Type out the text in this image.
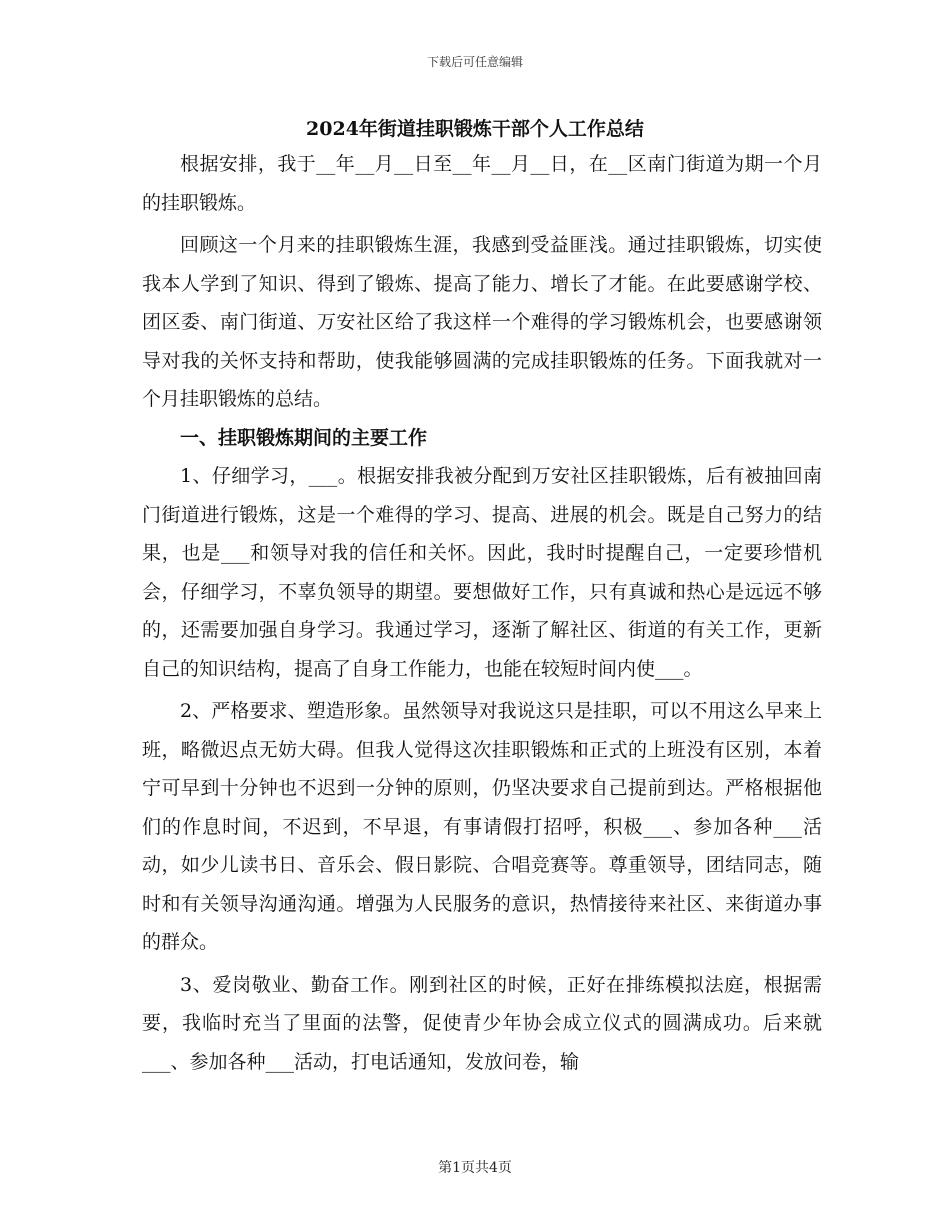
下载后可任意编辑
2024年街道挂职锻炼干部个人工作总结

根据安排，我于__年__月__日至__年__月__日，在__区南门街道为期一个月的挂职锻炼。

回顾这一个月来的挂职锻炼生涯，我感到受益匪浅。通过挂职锻炼，切实使我本人学到了知识、得到了锻炼、提高了能力、增长了才能。在此要感谢学校、团区委、南门街道、万安社区给了我这样一个难得的学习锻炼机会，也要感谢领导对我的关怀支持和帮助，使我能够圆满的完成挂职锻炼的任务。下面我就对一个月挂职锻炼的总结。

一、挂职锻炼期间的主要工作

1、仔细学习，___。根据安排我被分配到万安社区挂职锻炼，后有被抽回南门街道进行锻炼，这是一个难得的学习、提高、进展的机会。既是自己努力的结果，也是___和领导对我的信任和关怀。因此，我时时提醒自己，一定要珍惜机会，仔细学习，不辜负领导的期望。要想做好工作，只有真诚和热心是远远不够的，还需要加强自身学习。我通过学习，逐渐了解社区、街道的有关工作，更新自己的知识结构，提高了自身工作能力，也能在较短时间内使___。

2、严格要求、塑造形象。虽然领导对我说这只是挂职，可以不用这么早来上班，略微迟点无妨大碍。但我人觉得这次挂职锻炼和正式的上班没有区别，本着宁可早到十分钟也不迟到一分钟的原则，仍坚决要求自己提前到达。严格根据他们的作息时间，不迟到，不早退，有事请假打招呼，积极___、参加各种___活动，如少儿读书日、音乐会、假日影院、合唱竞赛等。尊重领导，团结同志，随时和有关领导沟通沟通。增强为人民服务的意识，热情接待来社区、来街道办事的群众。

3、爱岗敬业、勤奋工作。刚到社区的时候，正好在排练模拟法庭，根据需要，我临时充当了里面的法警，促使青少年协会成立仪式的圆满成功。后来就___、参加各种___活动，打电话通知，发放问卷，输

第1页共4页
